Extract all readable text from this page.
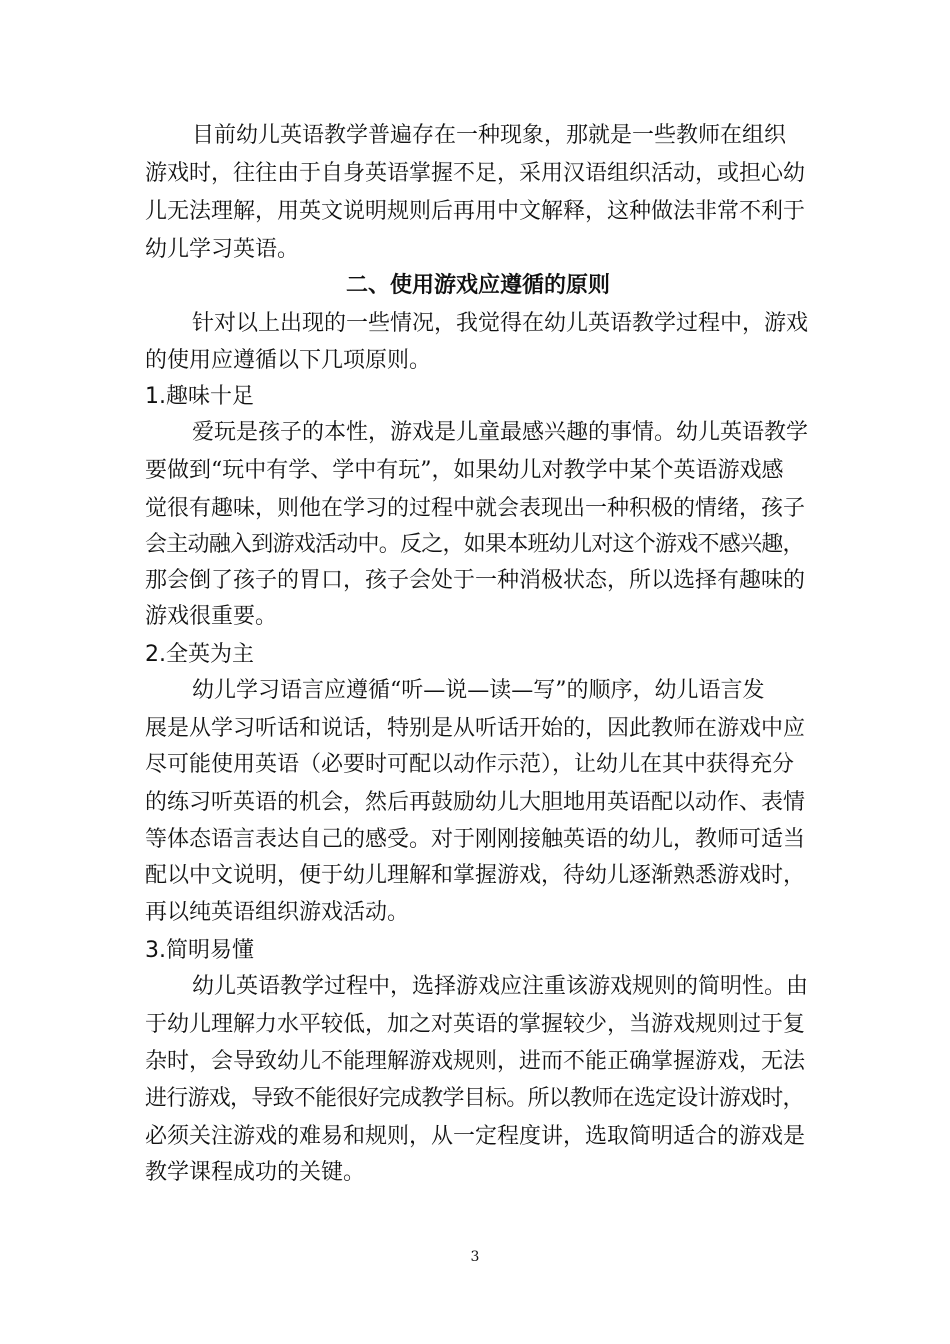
目前幼儿英语教学普遍存在一种现象，那就是一些教师在组织
游戏时，往往由于自身英语掌握不足，采用汉语组织活动，或担心幼
儿无法理解，用英文说明规则后再用中文解释，这种做法非常不利于
幼儿学习英语。
二、使用游戏应遵循的原则
针对以上出现的一些情况，我觉得在幼儿英语教学过程中，游戏
的使用应遵循以下几项原则。
1.趣味十足
爱玩是孩子的本性，游戏是儿童最感兴趣的事情。幼儿英语教学
要做到“玩中有学、学中有玩”，如果幼儿对教学中某个英语游戏感
觉很有趣味，则他在学习的过程中就会表现出一种积极的情绪，孩子
会主动融入到游戏活动中。反之，如果本班幼儿对这个游戏不感兴趣，
那会倒了孩子的胃口，孩子会处于一种消极状态，所以选择有趣味的
游戏很重要。
2.全英为主
幼儿学习语言应遵循“听—说—读—写”的顺序，幼儿语言发
展是从学习听话和说话，特别是从听话开始的，因此教师在游戏中应
尽可能使用英语（必要时可配以动作示范），让幼儿在其中获得充分
的练习听英语的机会，然后再鼓励幼儿大胆地用英语配以动作、表情
等体态语言表达自己的感受。对于刚刚接触英语的幼儿，教师可适当
配以中文说明，便于幼儿理解和掌握游戏，待幼儿逐渐熟悉游戏时，
再以纯英语组织游戏活动。
3.简明易懂
幼儿英语教学过程中，选择游戏应注重该游戏规则的简明性。由
于幼儿理解力水平较低，加之对英语的掌握较少，当游戏规则过于复
杂时，会导致幼儿不能理解游戏规则，进而不能正确掌握游戏，无法
进行游戏，导致不能很好完成教学目标。所以教师在选定设计游戏时，
必须关注游戏的难易和规则，从一定程度讲，选取简明适合的游戏是
教学课程成功的关键。
3
